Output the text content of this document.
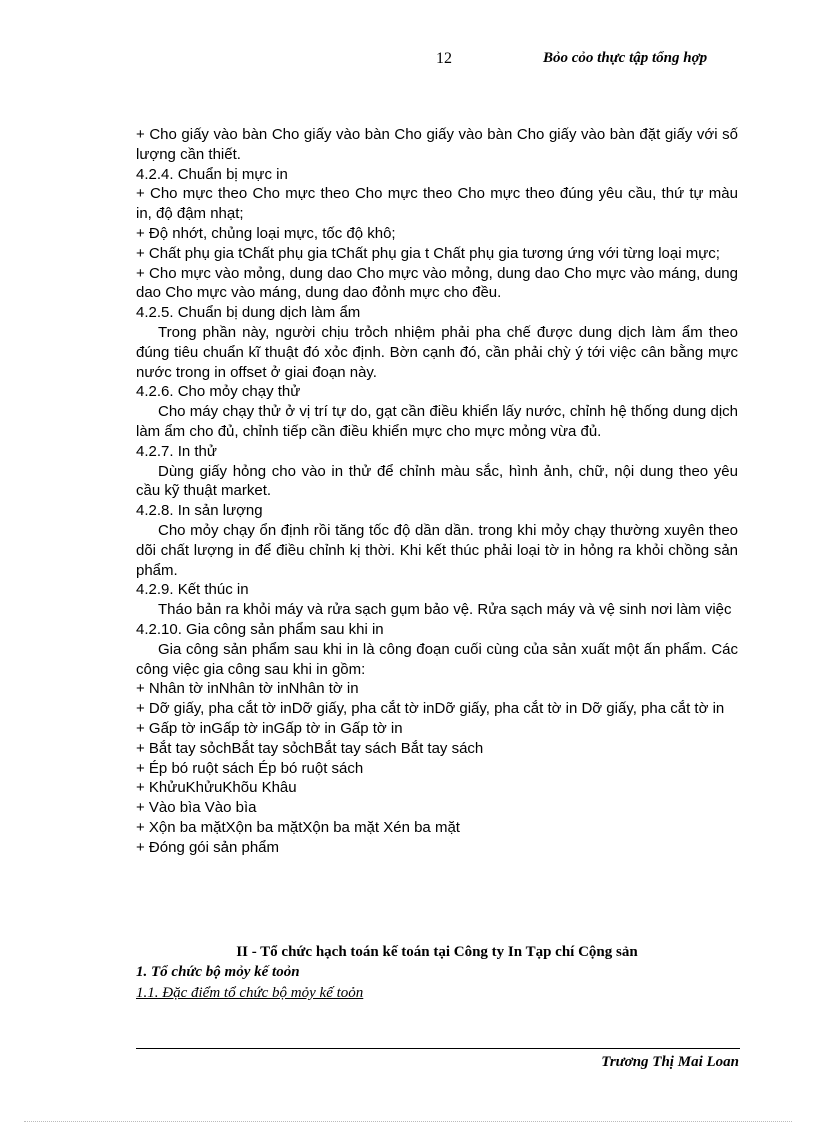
12	Bỏo cỏo thực tập tổng hợp

+ Cho giấy vào bàn Cho giấy vào bàn Cho giấy vào bàn Cho giấy vào bàn đặt giấy với số lượng cần thiết.

4.2.4. Chuẩn bị mực in

+ Cho mực theo Cho mực theo Cho mực theo Cho mực theo đúng yêu cầu, thứ tự màu in, độ đậm nhạt;

+ Độ nhớt, chủng loại mực, tốc độ khô;

+ Chất phụ gia tChất phụ gia tChất phụ gia t Chất phụ gia tương ứng với từng loại mực;

+ Cho mực vào mỏng, dung dao Cho mực vào mỏng, dung dao Cho mực vào máng, dung dao Cho mực vào máng, dung dao đỏnh mực cho đều.

4.2.5. Chuẩn bị dung dịch làm ẩm

Trong phần này, người chịu trỏch nhiệm phải pha chế được dung dịch làm ẩm theo đúng tiêu chuẩn kĩ thuật đó xỏc định. Bờn cạnh đó, cần phải chỳ ý tới việc cân bằng mực nước trong in offset ở giai đoạn này.

4.2.6. Cho mỏy chạy thử

Cho máy chạy thử ở vị trí tự do, gạt cần điều khiển lấy nước, chỉnh hệ thống dung dịch làm ẩm cho đủ, chỉnh tiếp cần điều khiển mực cho mực mỏng vừa đủ.

4.2.7. In thử

Dùng giấy hỏng cho vào in thử để chỉnh màu sắc, hình ảnh, chữ, nội dung theo yêu cầu kỹ thuật market.

4.2.8. In sản lượng

Cho mỏy chạy ổn định rồi tăng tốc độ dần dần. trong khi mỏy chạy thường xuyên theo dõi chất lượng in để điều chỉnh kị thời. Khi kết thúc phải loại tờ in hỏng ra khỏi chồng sản phẩm.

4.2.9. Kết thúc in

Tháo bản ra khỏi máy và rửa sạch gụm bảo vệ. Rửa sạch máy và vệ sinh nơi làm việc

4.2.10. Gia công sản phẩm sau khi in

Gia công sản phẩm sau khi in là công đoạn cuối cùng của sản xuất một ấn phẩm. Các công việc gia công sau khi in gồm:

+ Nhân tờ inNhân tờ inNhân tờ in

+ Dỡ giấy, pha cắt tờ inDỡ giấy, pha cắt tờ inDỡ giấy, pha cắt tờ in Dỡ giấy, pha cắt tờ in

+ Gấp tờ inGấp tờ inGấp tờ in Gấp tờ in

+ Bắt tay sỏchBắt tay sỏchBắt tay sách Bắt tay sách

+ Ép bó ruột sách Ép bó ruột sách

+ KhửuKhửuKhõu Khâu

+ Vào bìa Vào bìa

+ Xộn ba mặtXộn ba mặtXộn ba mặt Xén ba mặt

+ Đóng gói sản phẩm

II - Tổ chức hạch toán kế toán tại Công ty In Tạp chí Cộng sản
1. Tổ chức bộ mỏy kế toỏn
1.1. Đặc điểm tổ chức bộ mỏy kế toỏn
Trương Thị Mai Loan
